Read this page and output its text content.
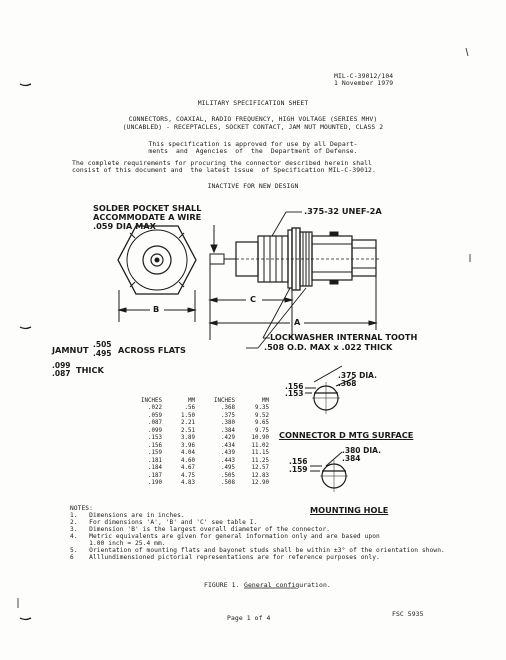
MIL-C-39012/104
1 November 1979
MILITARY SPECIFICATION SHEET
CONNECTORS, COAXIAL, RADIO FREQUENCY, HIGH VOLTAGE (SERIES MHV)
(UNCABLED) - RECEPTACLES, SOCKET CONTACT, JAM NUT MOUNTED, CLASS 2
This specification is approved for use by all Depart-
ments  and  Agencies  of  the  Department of Defense.
The complete requirements for procuring the connector described herein shall
consist of this document and  the latest issue  of Specification MIL-C-39012.
INACTIVE FOR NEW DESIGN
SOLDER POCKET SHALL
ACCOMMODATE A WIRE
.059 DIA MAX
.375-32 UNEF-2A
B
C
A
LOCKWASHER INTERNAL TOOTH
.508 O.D. MAX x .022 THICK
JAMNUT
.505
.495 ACROSS FLATS
.099
.087 THICK
.156
.153
.375 DIA.
.368
CONNECTOR D MTG SURFACE
.380 DIA.
.384
.156
.159
MOUNTING HOLE
INCHES	MM	INCHES	MM
.022	.56	.368	9.35
.059	1.50	.375	9.52
.087	2.21	.380	9.65
.099	2.51	.384	9.75
.153	3.89	.429	10.90
.156	3.96	.434	11.02
.159	4.04	.439	11.15
.181	4.60	.443	11.25
.184	4.67	.495	12.57
.187	4.75	.505	12.83
.190	4.83	.508	12.90
NOTES:
1.   Dimensions are in inches.
2.   For dimensions 'A', 'B' and 'C' see table I.
3.   Dimension 'B' is the largest overall diameter of the connector.
4.   Metric equivalents are given for general information only and are based upon
1.00 inch = 25.4 mm.
5.   Orientation of mounting flats and bayonet studs shall be within ±3° of the orientation shown.
6    Alllundimensioned pictorial representations are for reference purposes only.
FIGURE 1. General configuration.
Page 1 of 4	FSC 5935
